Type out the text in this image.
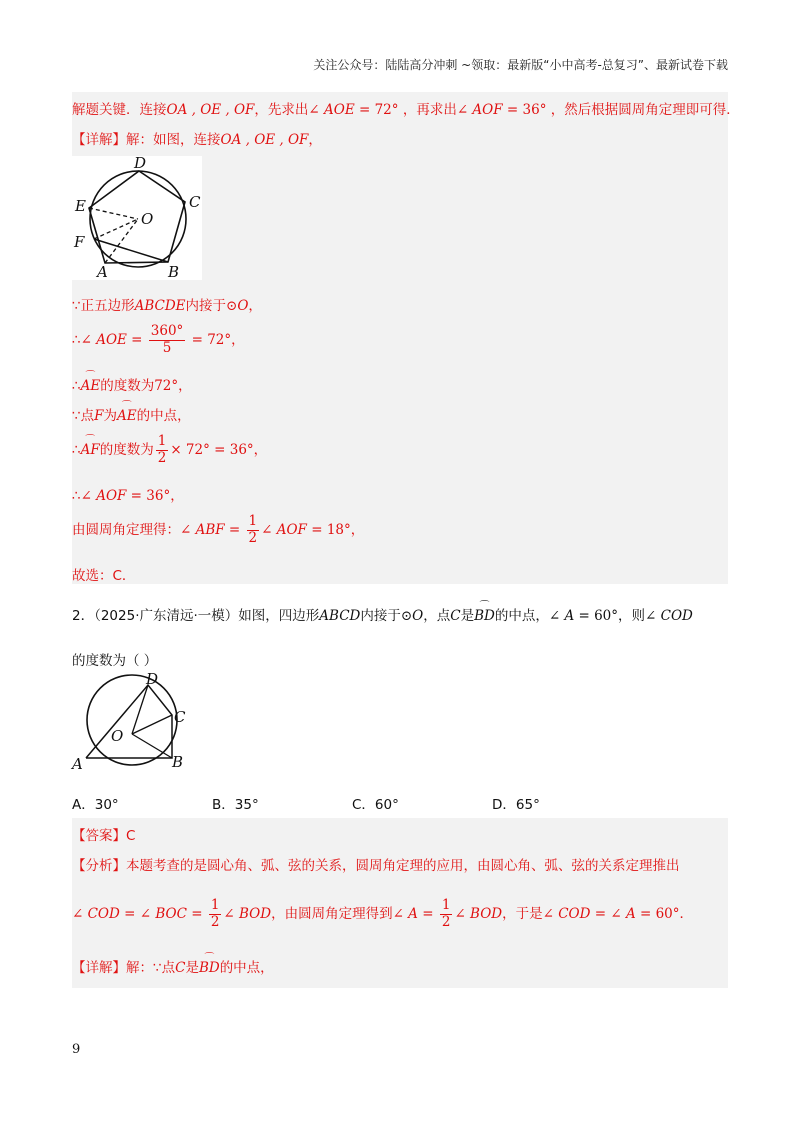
关注公众号：陆陆高分冲刺 ~领取：最新版“小中高考-总复习”、最新试卷下载
解题关键．连接OA , OE , OF，先求出∠ AOE = 72° ，再求出∠ AOF = 36° ，然后根据圆周角定理即可得．
【详解】解：如图，连接OA , OE , OF，
D
C
E
O
F
A	B
∵正五边形ABCDE内接于⊙O，
∴∠ AOE = $\frac{360^\circ}{5} = 72^\circ$，
∴⌒ AE的度数为72°，
∵点F为⌒ AE的中点，
∴⌒ AF的度数为 $\frac{1}{2} \times 72^\circ = 36^\circ$，
∴∠ AOF = 36°，
由圆周角定理得：∠ ABF = $\frac{1}{2}$ ∠ AOF = 18°，
故选：C．
2．（2025·广东清远·一模）如图，四边形ABCD内接于⊙O，点C是⌒ BD的中点，∠ A = 60°，则∠ COD
的度数为（ ）
D
C
O
A	B
A．30°	B．35°	C．60°	D．65°
【答案】C
【分析】本题考查的是圆心角、弧、弦的关系，圆周角定理的应用，由圆心角、弧、弦的关系定理推出
∠ COD = ∠ BOC = $\frac{1}{2}$ ∠ BOD，由圆周角定理得到∠ $A = \frac{1}{2}$ ∠ BOD，于是∠ COD = ∠ A = 60°．
【详解】解：∵点C是⌒ BD的中点，
9
